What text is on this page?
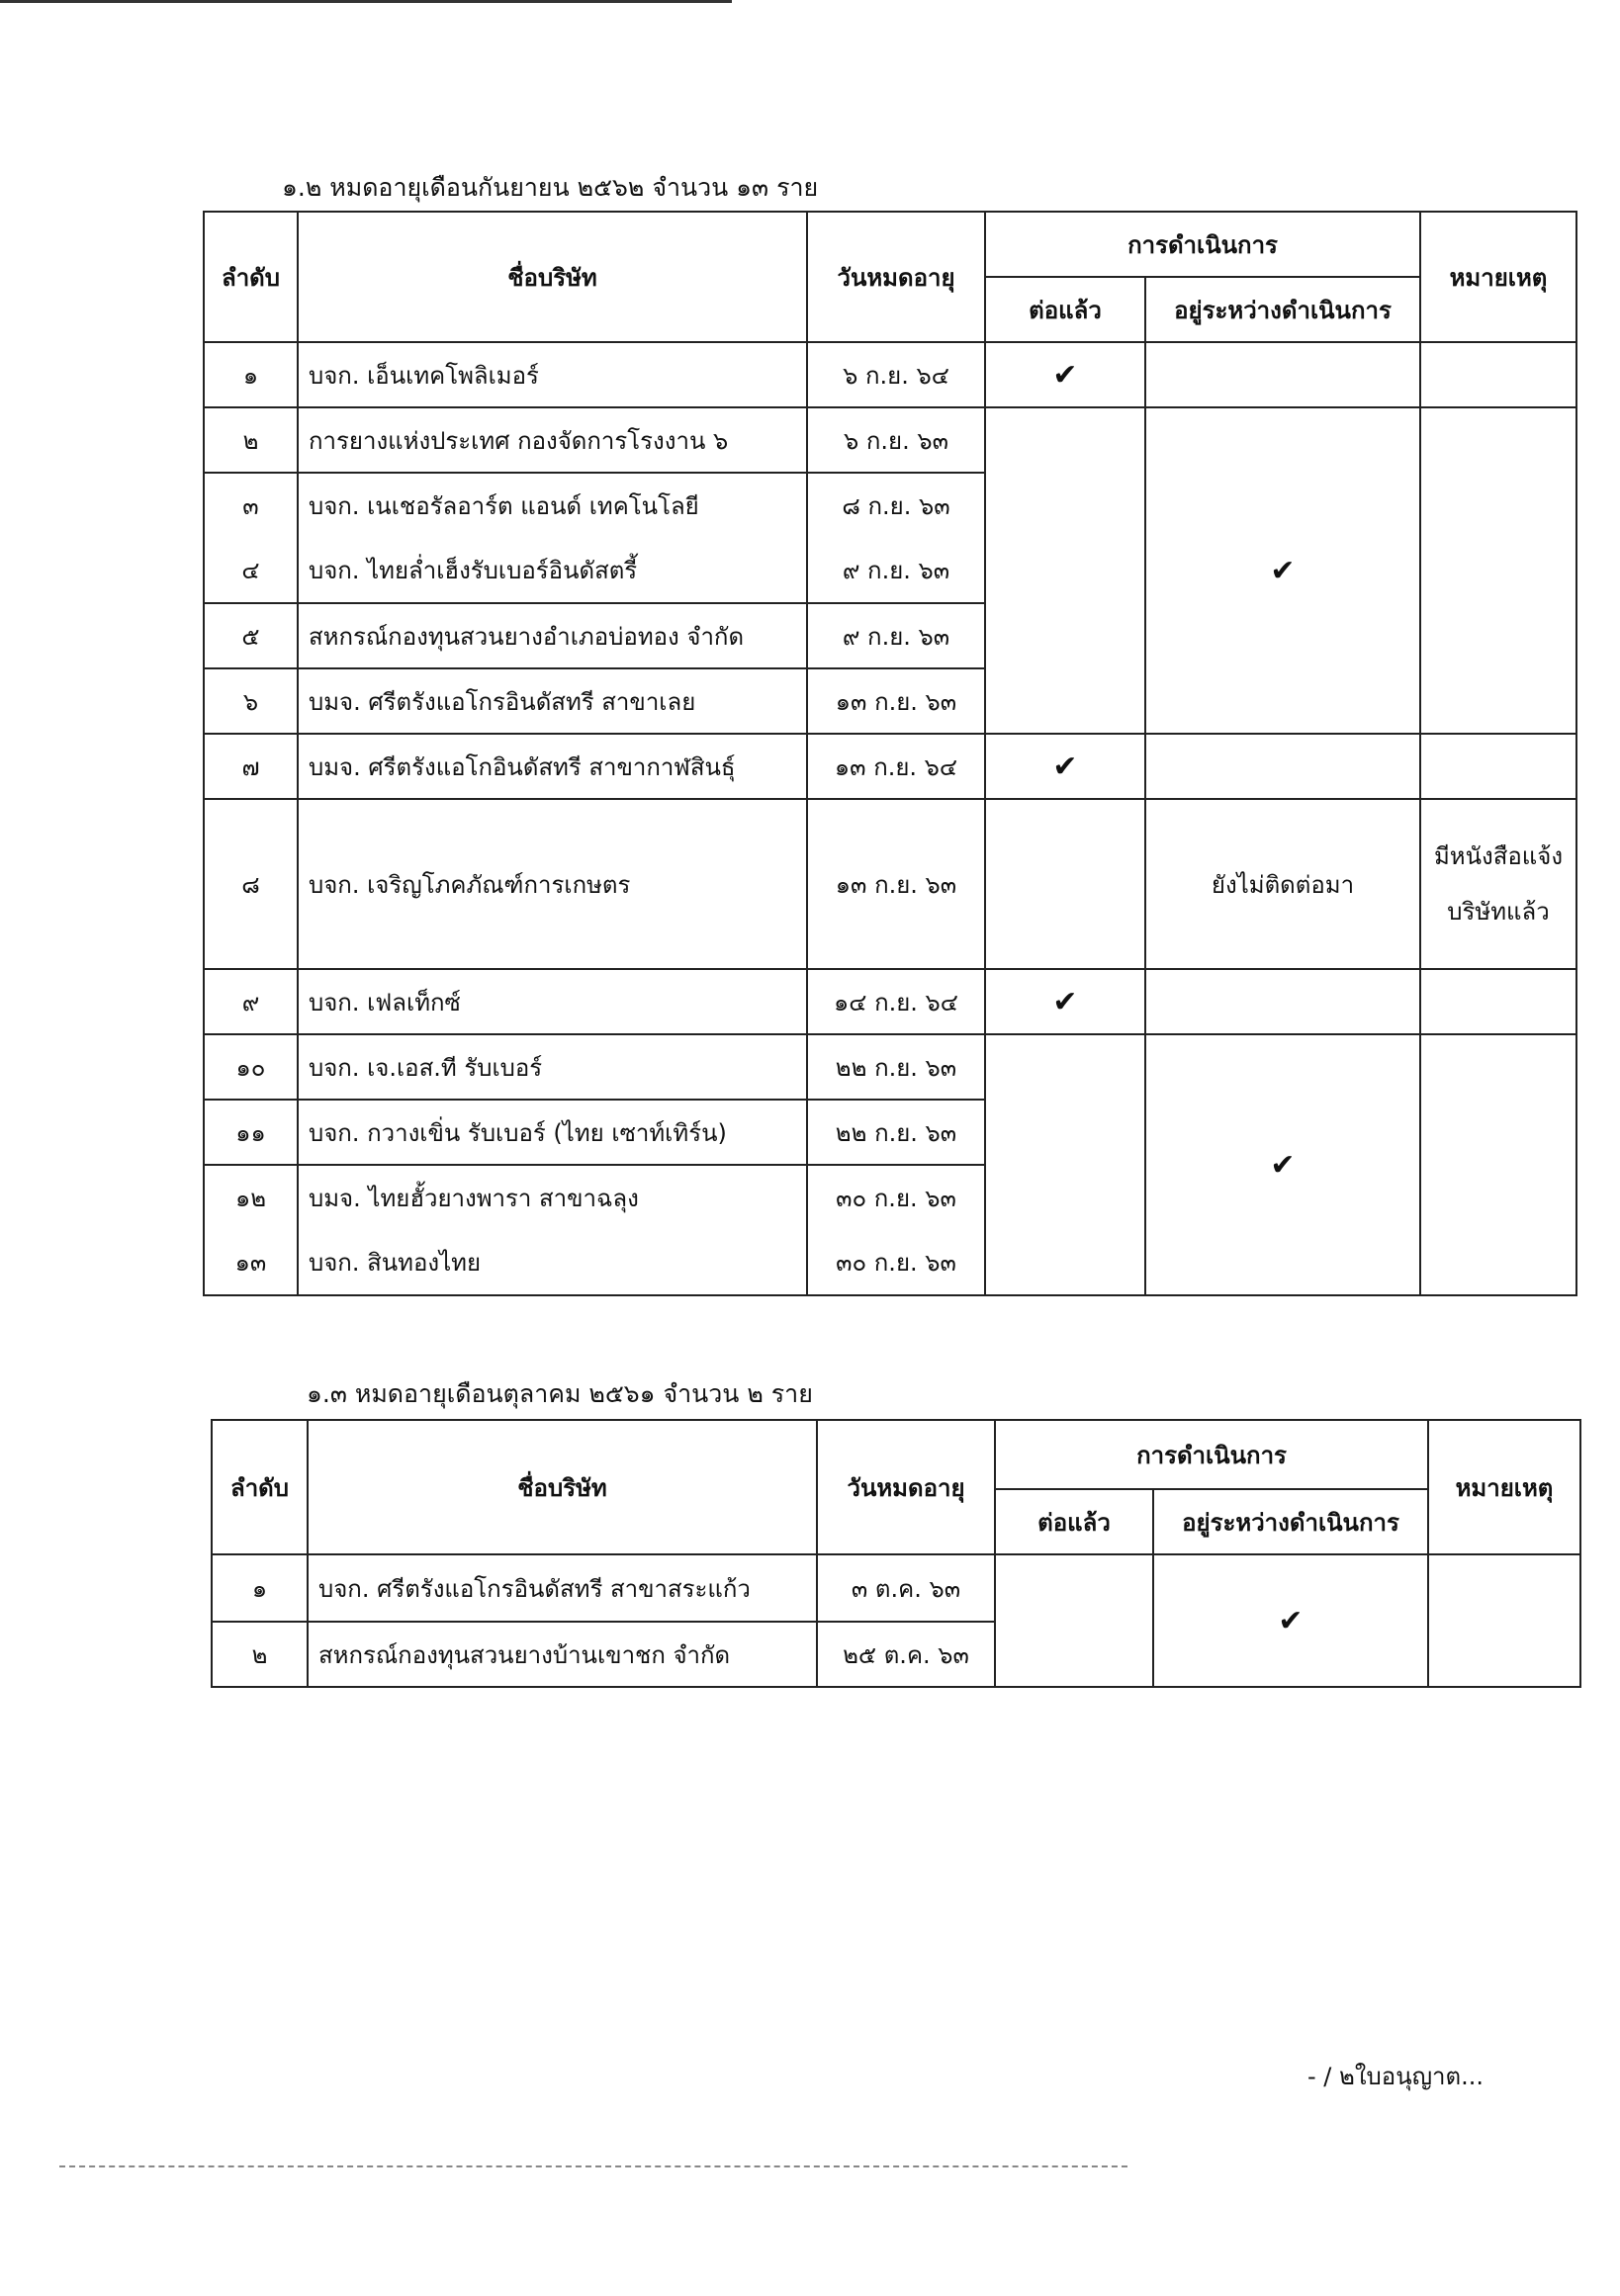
๑.๒ หมดอายุเดือนกันยายน ๒๕๖๒ จำนวน ๑๓ ราย
ลำดับ	ชื่อบริษัท	วันหมดอายุ	การดำเนินการ		หมายเหตุ
			ต่อแล้ว	อยู่ระหว่างดำเนินการ	
๑	บจก. เอ็นเทคโพลิเมอร์	๖ ก.ย. ๖๔	✔		
๒	การยางแห่งประเทศ กองจัดการโรงงาน ๖	๖ ก.ย. ๖๓		✔	
๓	บจก. เนเชอรัลอาร์ต แอนด์ เทคโนโลยี	๘ ก.ย. ๖๓			
๔	บจก. ไทยล่ำเฮ็งรับเบอร์อินดัสตรี้	๙ ก.ย. ๖๓			
๕	สหกรณ์กองทุนสวนยางอำเภอบ่อทอง จำกัด	๙ ก.ย. ๖๓			
๖	บมจ. ศรีตรังแอโกรอินดัสทรี สาขาเลย	๑๓ ก.ย. ๖๓			
๗	บมจ. ศรีตรังแอโกอินดัสทรี สาขากาฬสินธุ์	๑๓ ก.ย. ๖๔	✔		
๘	บจก. เจริญโภคภัณฑ์การเกษตร	๑๓ ก.ย. ๖๓		ยังไม่ติดต่อมา	มีหนังสือแจ้งบริษัทแล้ว
๙	บจก. เฟลเท็กซ์	๑๔ ก.ย. ๖๔	✔		
๑๐	บจก. เจ.เอส.ที รับเบอร์	๒๒ ก.ย. ๖๓		✔	
๑๑	บจก. กวางเขิ่น รับเบอร์ (ไทย เซาท์เทิร์น)	๒๒ ก.ย. ๖๓			
๑๒	บมจ. ไทยฮั้วยางพารา สาขาฉลุง	๓๐ ก.ย. ๖๓			
๑๓	บจก. สินทองไทย	๓๐ ก.ย. ๖๓			
๑.๓ หมดอายุเดือนตุลาคม ๒๕๖๑ จำนวน ๒ ราย
ลำดับ	ชื่อบริษัท	วันหมดอายุ	การดำเนินการ		หมายเหตุ
			ต่อแล้ว	อยู่ระหว่างดำเนินการ	
๑	บจก. ศรีตรังแอโกรอินดัสทรี สาขาสระแก้ว	๓ ต.ค. ๖๓		✔	
๒	สหกรณ์กองทุนสวนยางบ้านเขาชก จำกัด	๒๕ ต.ค. ๖๓			
- / ๒ใบอนุญาต...
